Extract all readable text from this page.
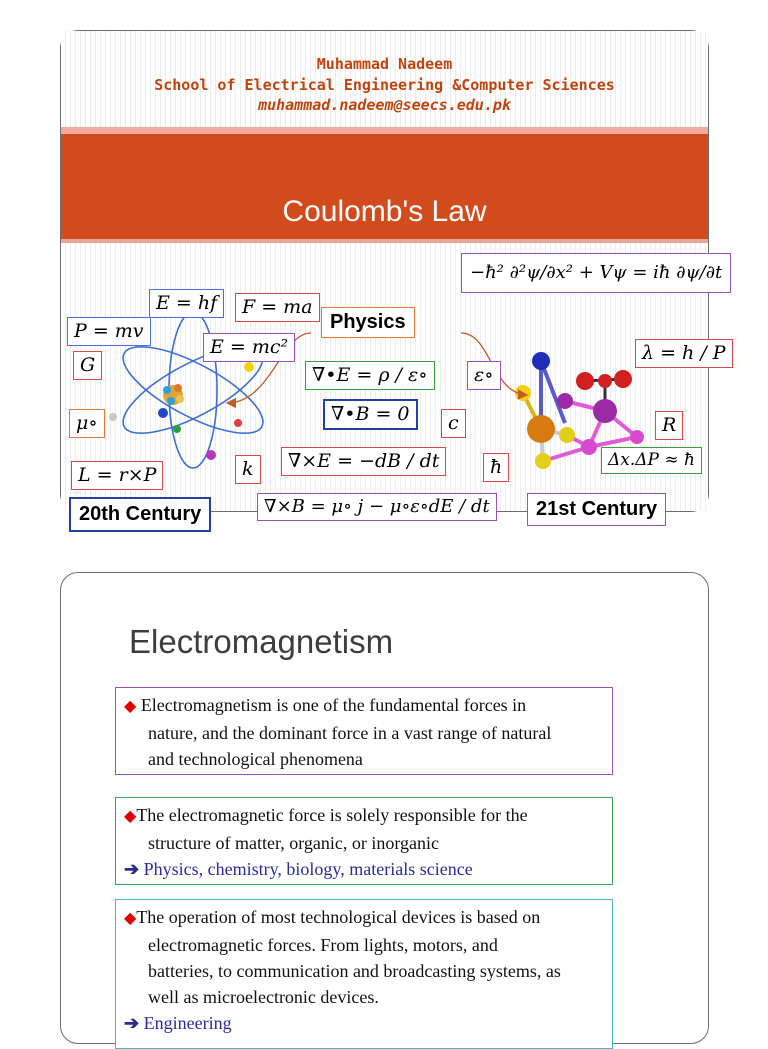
Muhammad Nadeem
School of Electrical Engineering &Computer Sciences
muhammad.nadeem@seecs.edu.pk
Coulomb's Law
E = hf	F = ma
P = mv
E = mc²
G
μ∘
L = r×P	k
Physics
∇•E = ρ / ε∘
∇•B = 0
ε∘
c
ħ
∇×E = −dB / dt
∇×B = μ∘ j − μ∘ε∘dE / dt
−ħ² ∂²ψ/∂x² + Vψ = iħ ∂ψ/∂t
λ = h / P
R
Δx.ΔP ≈ ħ
20th Century	21st Century
Electromagnetism
◆ Electromagnetism is one of the fundamental forces in
nature, and the dominant force in a vast range of natural
and technological phenomena
◆The electromagnetic force is solely responsible for the
structure of matter, organic, or inorganic
➔ Physics, chemistry, biology, materials science
◆The operation of most technological devices is based on
electromagnetic forces. From lights, motors, and
batteries, to communication and broadcasting systems, as
well as microelectronic devices.
➔ Engineering
